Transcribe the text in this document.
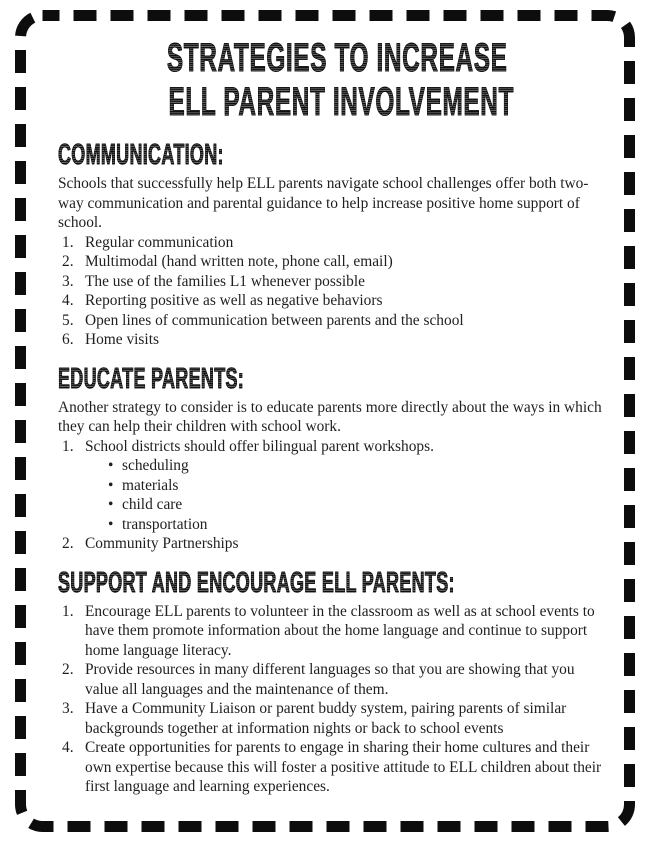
STRATEGIES TO INCREASE
ELL PARENT INVOLVEMENT
COMMUNICATION:

Schools that successfully help ELL parents navigate school challenges offer both two-way communication and parental guidance to help increase positive home support of school.

1. Regular communication
2. Multimodal (hand written note, phone call, email)
3. The use of the families L1 whenever possible
4. Reporting positive as well as negative behaviors
5. Open lines of communication between parents and the school
6. Home visits
EDUCATE PARENTS:

Another strategy to consider is to educate parents more directly about the ways in which they can help their children with school work.

1. School districts should offer bilingual parent workshops.
• scheduling
• materials
• child care
• transportation
2. Community Partnerships
SUPPORT AND ENCOURAGE ELL PARENTS:
1. Encourage ELL parents to volunteer in the classroom as well as at school events to have them promote information about the home language and continue to support home language literacy.
2. Provide resources in many different languages so that you are showing that you value all languages and the maintenance of them.
3. Have a Community Liaison or parent buddy system, pairing parents of similar backgrounds together at information nights or back to school events
4. Create opportunities for parents to engage in sharing their home cultures and their own expertise because this will foster a positive attitude to ELL children about their first language and learning experiences.
